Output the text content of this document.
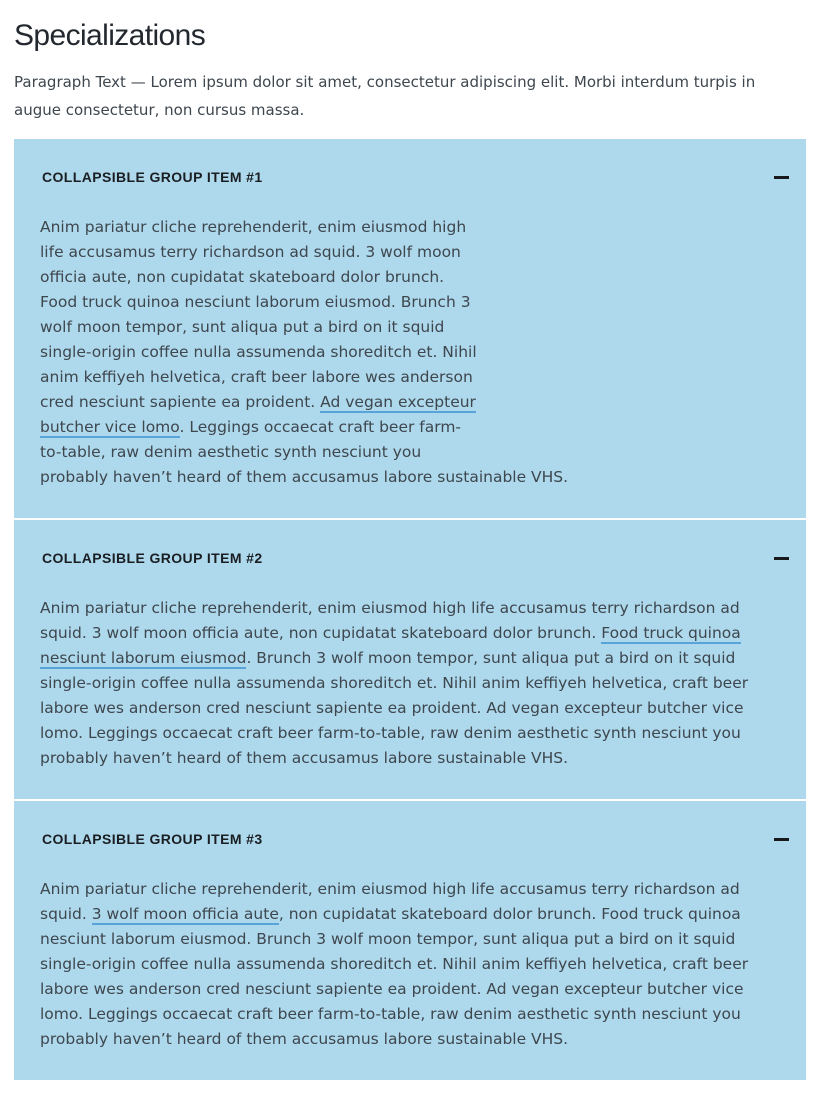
Specializations

Paragraph Text — Lorem ipsum dolor sit amet, consectetur adipiscing elit. Morbi interdum turpis in augue consectetur, non cursus massa.

COLLAPSIBLE GROUP ITEM #1
Anim pariatur cliche reprehenderit, enim eiusmod high
life accusamus terry richardson ad squid. 3 wolf moon
officia aute, non cupidatat skateboard dolor brunch.
Food truck quinoa nesciunt laborum eiusmod. Brunch 3
wolf moon tempor, sunt aliqua put a bird on it squid
single-origin coffee nulla assumenda shoreditch et. Nihil
anim keffiyeh helvetica, craft beer labore wes anderson
cred nesciunt sapiente ea proident. Ad vegan excepteur
butcher vice lomo. Leggings occaecat craft beer farm-
to-table, raw denim aesthetic synth nesciunt you
probably haven’t heard of them accusamus labore sustainable VHS.
COLLAPSIBLE GROUP ITEM #2

Anim pariatur cliche reprehenderit, enim eiusmod high life accusamus terry richardson ad squid. 3 wolf moon officia aute, non cupidatat skateboard dolor brunch. Food truck quinoa nesciunt laborum eiusmod. Brunch 3 wolf moon tempor, sunt aliqua put a bird on it squid single-origin coffee nulla assumenda shoreditch et. Nihil anim keffiyeh helvetica, craft beer labore wes anderson cred nesciunt sapiente ea proident. Ad vegan excepteur butcher vice lomo. Leggings occaecat craft beer farm-to-table, raw denim aesthetic synth nesciunt you probably haven’t heard of them accusamus labore sustainable VHS.

COLLAPSIBLE GROUP ITEM #3

Anim pariatur cliche reprehenderit, enim eiusmod high life accusamus terry richardson ad squid. 3 wolf moon officia aute, non cupidatat skateboard dolor brunch. Food truck quinoa nesciunt laborum eiusmod. Brunch 3 wolf moon tempor, sunt aliqua put a bird on it squid single-origin coffee nulla assumenda shoreditch et. Nihil anim keffiyeh helvetica, craft beer labore wes anderson cred nesciunt sapiente ea proident. Ad vegan excepteur butcher vice lomo. Leggings occaecat craft beer farm-to-table, raw denim aesthetic synth nesciunt you probably haven’t heard of them accusamus labore sustainable VHS.
